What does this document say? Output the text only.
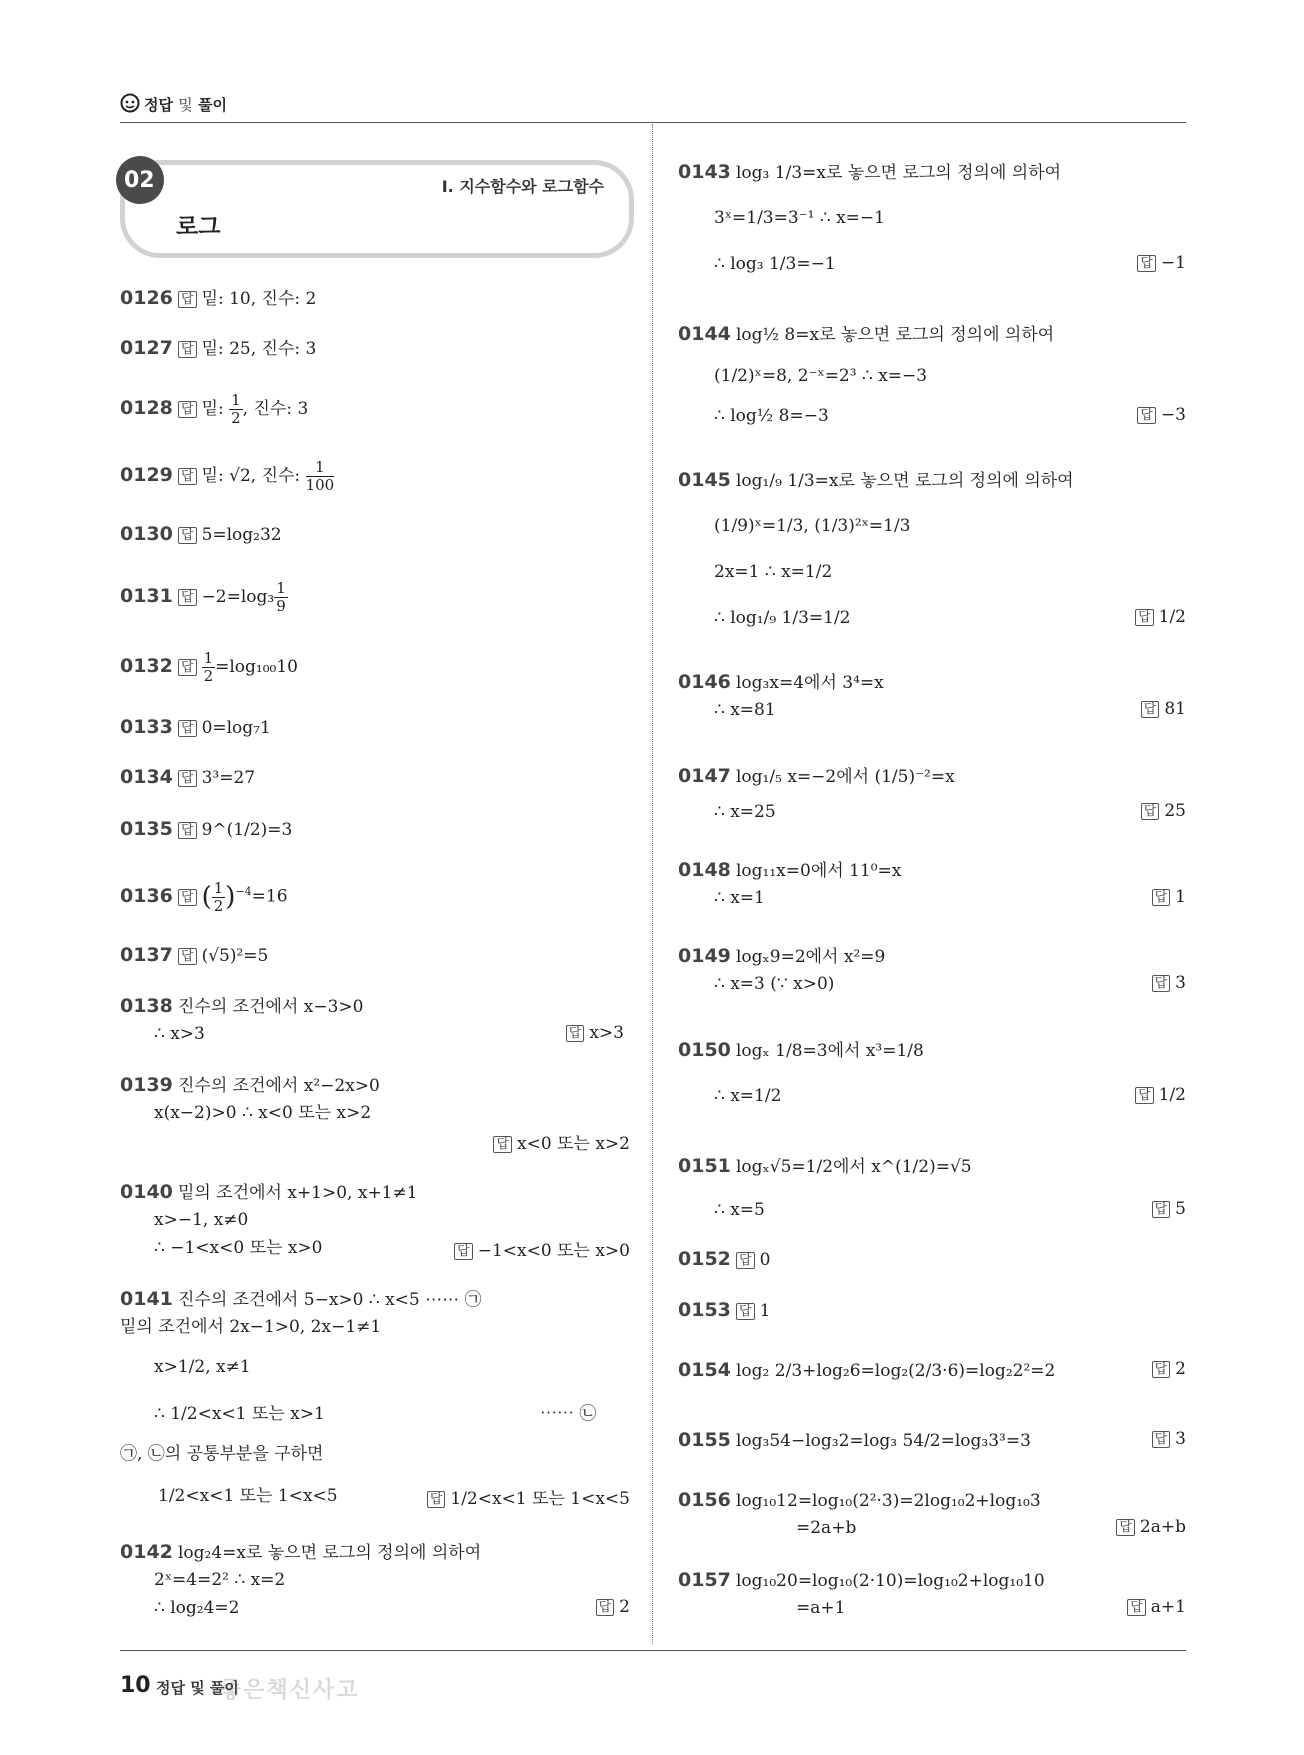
정답 및 풀이
02
로그
Ⅰ. 지수함수와 로그함수
0126 답 밑: 10, 진수: 2
0127 답 밑: 25, 진수: 3
0128 답 밑: $\frac{1}{2}$ , 진수: 3
0129 답 밑: √2, 진수: $\frac{1}{100}$
0130 답 5=log₂32
0131 답 $-2=\log_3 \frac{1}{9}$
0132 답 $\frac{1}{2} =\log_{100}10$
0133 답 0=log₇1
0134 답 3³=27
0135 답 9^(1/2)=3
0136 답 ( $\frac{1}{2} )^{-4}=16$
0137 답 (√5)²=5
0138 진수의 조건에서 x−3>0
∴ x>3	답 x>3
0139 진수의 조건에서 x²−2x>0
x(x−2)>0 ∴ x<0 또는 x>2
답 x<0 또는 x>2
0140 밑의 조건에서 x+1>0, x+1≠1
x>−1, x≠0
∴ −1<x<0 또는 x>0	답 −1<x<0 또는 x>0
0141 진수의 조건에서 5−x>0 ∴ x<5 ⋯⋯ ㉠
밑의 조건에서 2x−1>0, 2x−1≠1
x>1/2, x≠1
∴ 1/2<x<1 또는 x>1	⋯⋯ ㉡
㉠, ㉡의 공통부분을 구하면
1/2<x<1 또는 1<x<5	답 1/2<x<1 또는 1<x<5
0142 log₂4=x로 놓으면 로그의 정의에 의하여
2ˣ=4=2² ∴ x=2
∴ log₂4=2	답 2
0143 log₃ 1/3=x로 놓으면 로그의 정의에 의하여
3ˣ=1/3=3⁻¹ ∴ x=−1
∴ log₃ 1/3=−1	답 −1
0144 log½ 8=x로 놓으면 로그의 정의에 의하여
(1/2)ˣ=8, 2⁻ˣ=2³ ∴ x=−3
∴ log½ 8=−3	답 −3
0145 log₁/₉ 1/3=x로 놓으면 로그의 정의에 의하여
(1/9)ˣ=1/3, (1/3)²ˣ=1/3
2x=1 ∴ x=1/2
∴ log₁/₉ 1/3=1/2	답 1/2
0146 log₃x=4에서 3⁴=x
∴ x=81	답 81
0147 log₁/₅ x=−2에서 (1/5)⁻²=x
∴ x=25	답 25
0148 log₁₁x=0에서 11⁰=x
∴ x=1	답 1
0149 logₓ9=2에서 x²=9
∴ x=3 (∵ x>0)	답 3
0150 logₓ 1/8=3에서 x³=1/8
∴ x=1/2	답 1/2
0151 logₓ√5=1/2에서 x^(1/2)=√5
∴ x=5	답 5
0152 답 0
0153 답 1
0154 log₂ 2/3+log₂6=log₂(2/3·6)=log₂2²=2	답 2
0155 log₃54−log₃2=log₃ 54/2=log₃3³=3	답 3
0156 log₁₀12=log₁₀(2²·3)=2log₁₀2+log₁₀3
=2a+b	답 2a+b
0157 log₁₀20=log₁₀(2·10)=log₁₀2+log₁₀10
=a+1	답 a+1
좋은책신사고
10 정답 및 풀이
